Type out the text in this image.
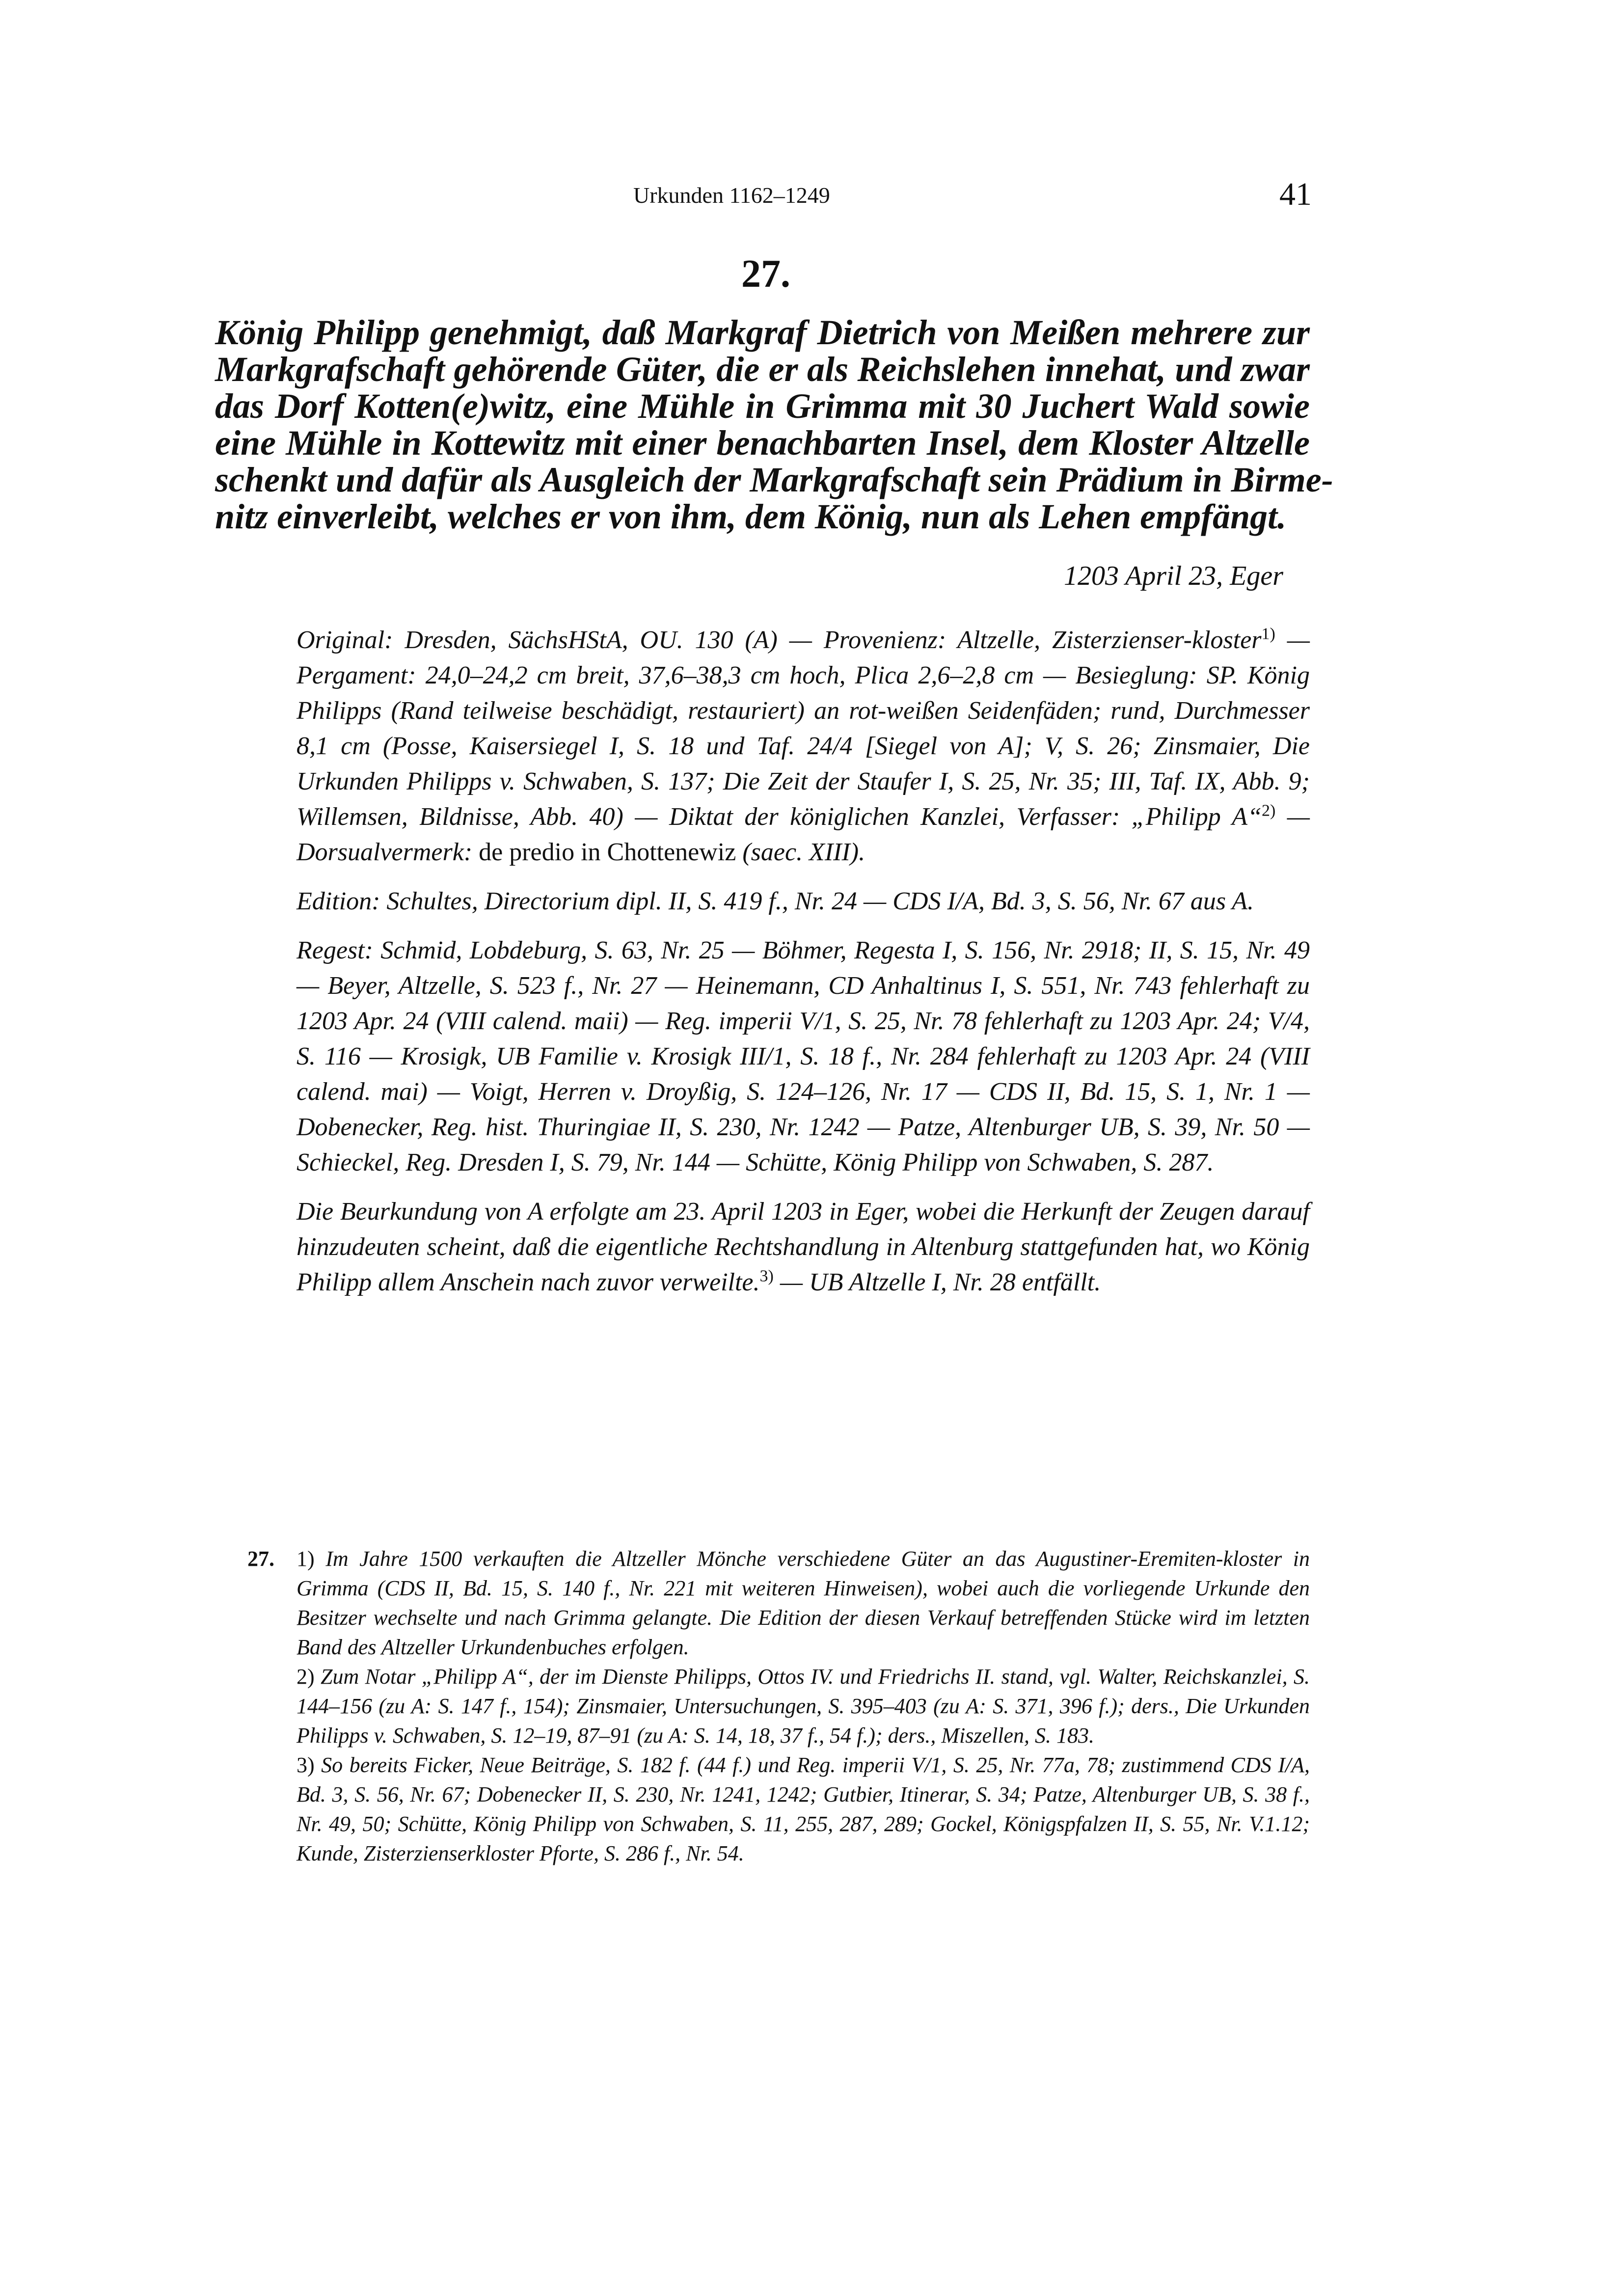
Urkunden 1162–1249	41
27.
König Philipp genehmigt, daß Markgraf Dietrich von Meißen mehrere zur
Markgrafschaft gehörende Güter, die er als Reichslehen innehat, und zwar
das Dorf Kotten(e)witz, eine Mühle in Grimma mit 30 Juchert Wald sowie
eine Mühle in Kottewitz mit einer benachbarten Insel, dem Kloster Altzelle
schenkt und dafür als Ausgleich der Markgrafschaft sein Prädium in Birme-
nitz einverleibt, welches er von ihm, dem König, nun als Lehen empfängt.
1203 April 23, Eger

Original: Dresden, SächsHStA, OU. 130 (A) — Provenienz: Altzelle, Zisterzienser-kloster$^{1)}$ — Pergament: 24,0–24,2 cm breit, 37,6–38,3 cm hoch, Plica 2,6–2,8 cm — Besieglung: SP. König Philipps (Rand teilweise beschädigt, restauriert) an rot-weißen Seidenfäden; rund, Durchmesser 8,1 cm (Posse, Kaisersiegel I, S. 18 und Taf. 24/4 [Siegel von A]; V, S. 26; Zinsmaier, Die Urkunden Philipps v. Schwaben, S. 137; Die Zeit der Staufer I, S. 25, Nr. 35; III, Taf. IX, Abb. 9; Willemsen, Bildnisse, Abb. 40) — Diktat der königlichen Kanzlei, Verfasser: „Philipp A“$^{2)}$ — Dorsualvermerk: de predio in Chottenewiz (saec. XIII).

Edition: Schultes, Directorium dipl. II, S. 419 f., Nr. 24 — CDS I/A, Bd. 3, S. 56, Nr. 67 aus A.

Regest: Schmid, Lobdeburg, S. 63, Nr. 25 — Böhmer, Regesta I, S. 156, Nr. 2918; II, S. 15, Nr. 49 — Beyer, Altzelle, S. 523 f., Nr. 27 — Heinemann, CD Anhaltinus I, S. 551, Nr. 743 fehlerhaft zu 1203 Apr. 24 (VIII calend. maii) — Reg. imperii V/1, S. 25, Nr. 78 fehlerhaft zu 1203 Apr. 24; V/4, S. 116 — Krosigk, UB Familie v. Krosigk III/1, S. 18 f., Nr. 284 fehlerhaft zu 1203 Apr. 24 (VIII calend. mai) — Voigt, Herren v. Droyßig, S. 124–126, Nr. 17 — CDS II, Bd. 15, S. 1, Nr. 1 — Dobenecker, Reg. hist. Thuringiae II, S. 230, Nr. 1242 — Patze, Altenburger UB, S. 39, Nr. 50 — Schieckel, Reg. Dresden I, S. 79, Nr. 144 — Schütte, König Philipp von Schwaben, S. 287.

Die Beurkundung von A erfolgte am 23. April 1203 in Eger, wobei die Herkunft der Zeugen darauf hinzudeuten scheint, daß die eigentliche Rechtshandlung in Altenburg stattgefunden hat, wo König Philipp allem Anschein nach zuvor verweilte.$^{3)}$ — UB Altzelle I, Nr. 28 entfällt.

27. 1) Im Jahre 1500 verkauften die Altzeller Mönche verschiedene Güter an das Augustiner-Eremiten-kloster in Grimma (CDS II, Bd. 15, S. 140 f., Nr. 221 mit weiteren Hinweisen), wobei auch die vorliegende Urkunde den Besitzer wechselte und nach Grimma gelangte. Die Edition der diesen Verkauf betreffenden Stücke wird im letzten Band des Altzeller Urkundenbuches erfolgen.

2) Zum Notar „Philipp A“, der im Dienste Philipps, Ottos IV. und Friedrichs II. stand, vgl. Walter, Reichskanzlei, S. 144–156 (zu A: S. 147 f., 154); Zinsmaier, Untersuchungen, S. 395–403 (zu A: S. 371, 396 f.); ders., Die Urkunden Philipps v. Schwaben, S. 12–19, 87–91 (zu A: S. 14, 18, 37 f., 54 f.); ders., Miszellen, S. 183.

3) So bereits Ficker, Neue Beiträge, S. 182 f. (44 f.) und Reg. imperii V/1, S. 25, Nr. 77a, 78; zustimmend CDS I/A, Bd. 3, S. 56, Nr. 67; Dobenecker II, S. 230, Nr. 1241, 1242; Gutbier, Itinerar, S. 34; Patze, Altenburger UB, S. 38 f., Nr. 49, 50; Schütte, König Philipp von Schwaben, S. 11, 255, 287, 289; Gockel, Königspfalzen II, S. 55, Nr. V.1.12; Kunde, Zisterzienserkloster Pforte, S. 286 f., Nr. 54.
